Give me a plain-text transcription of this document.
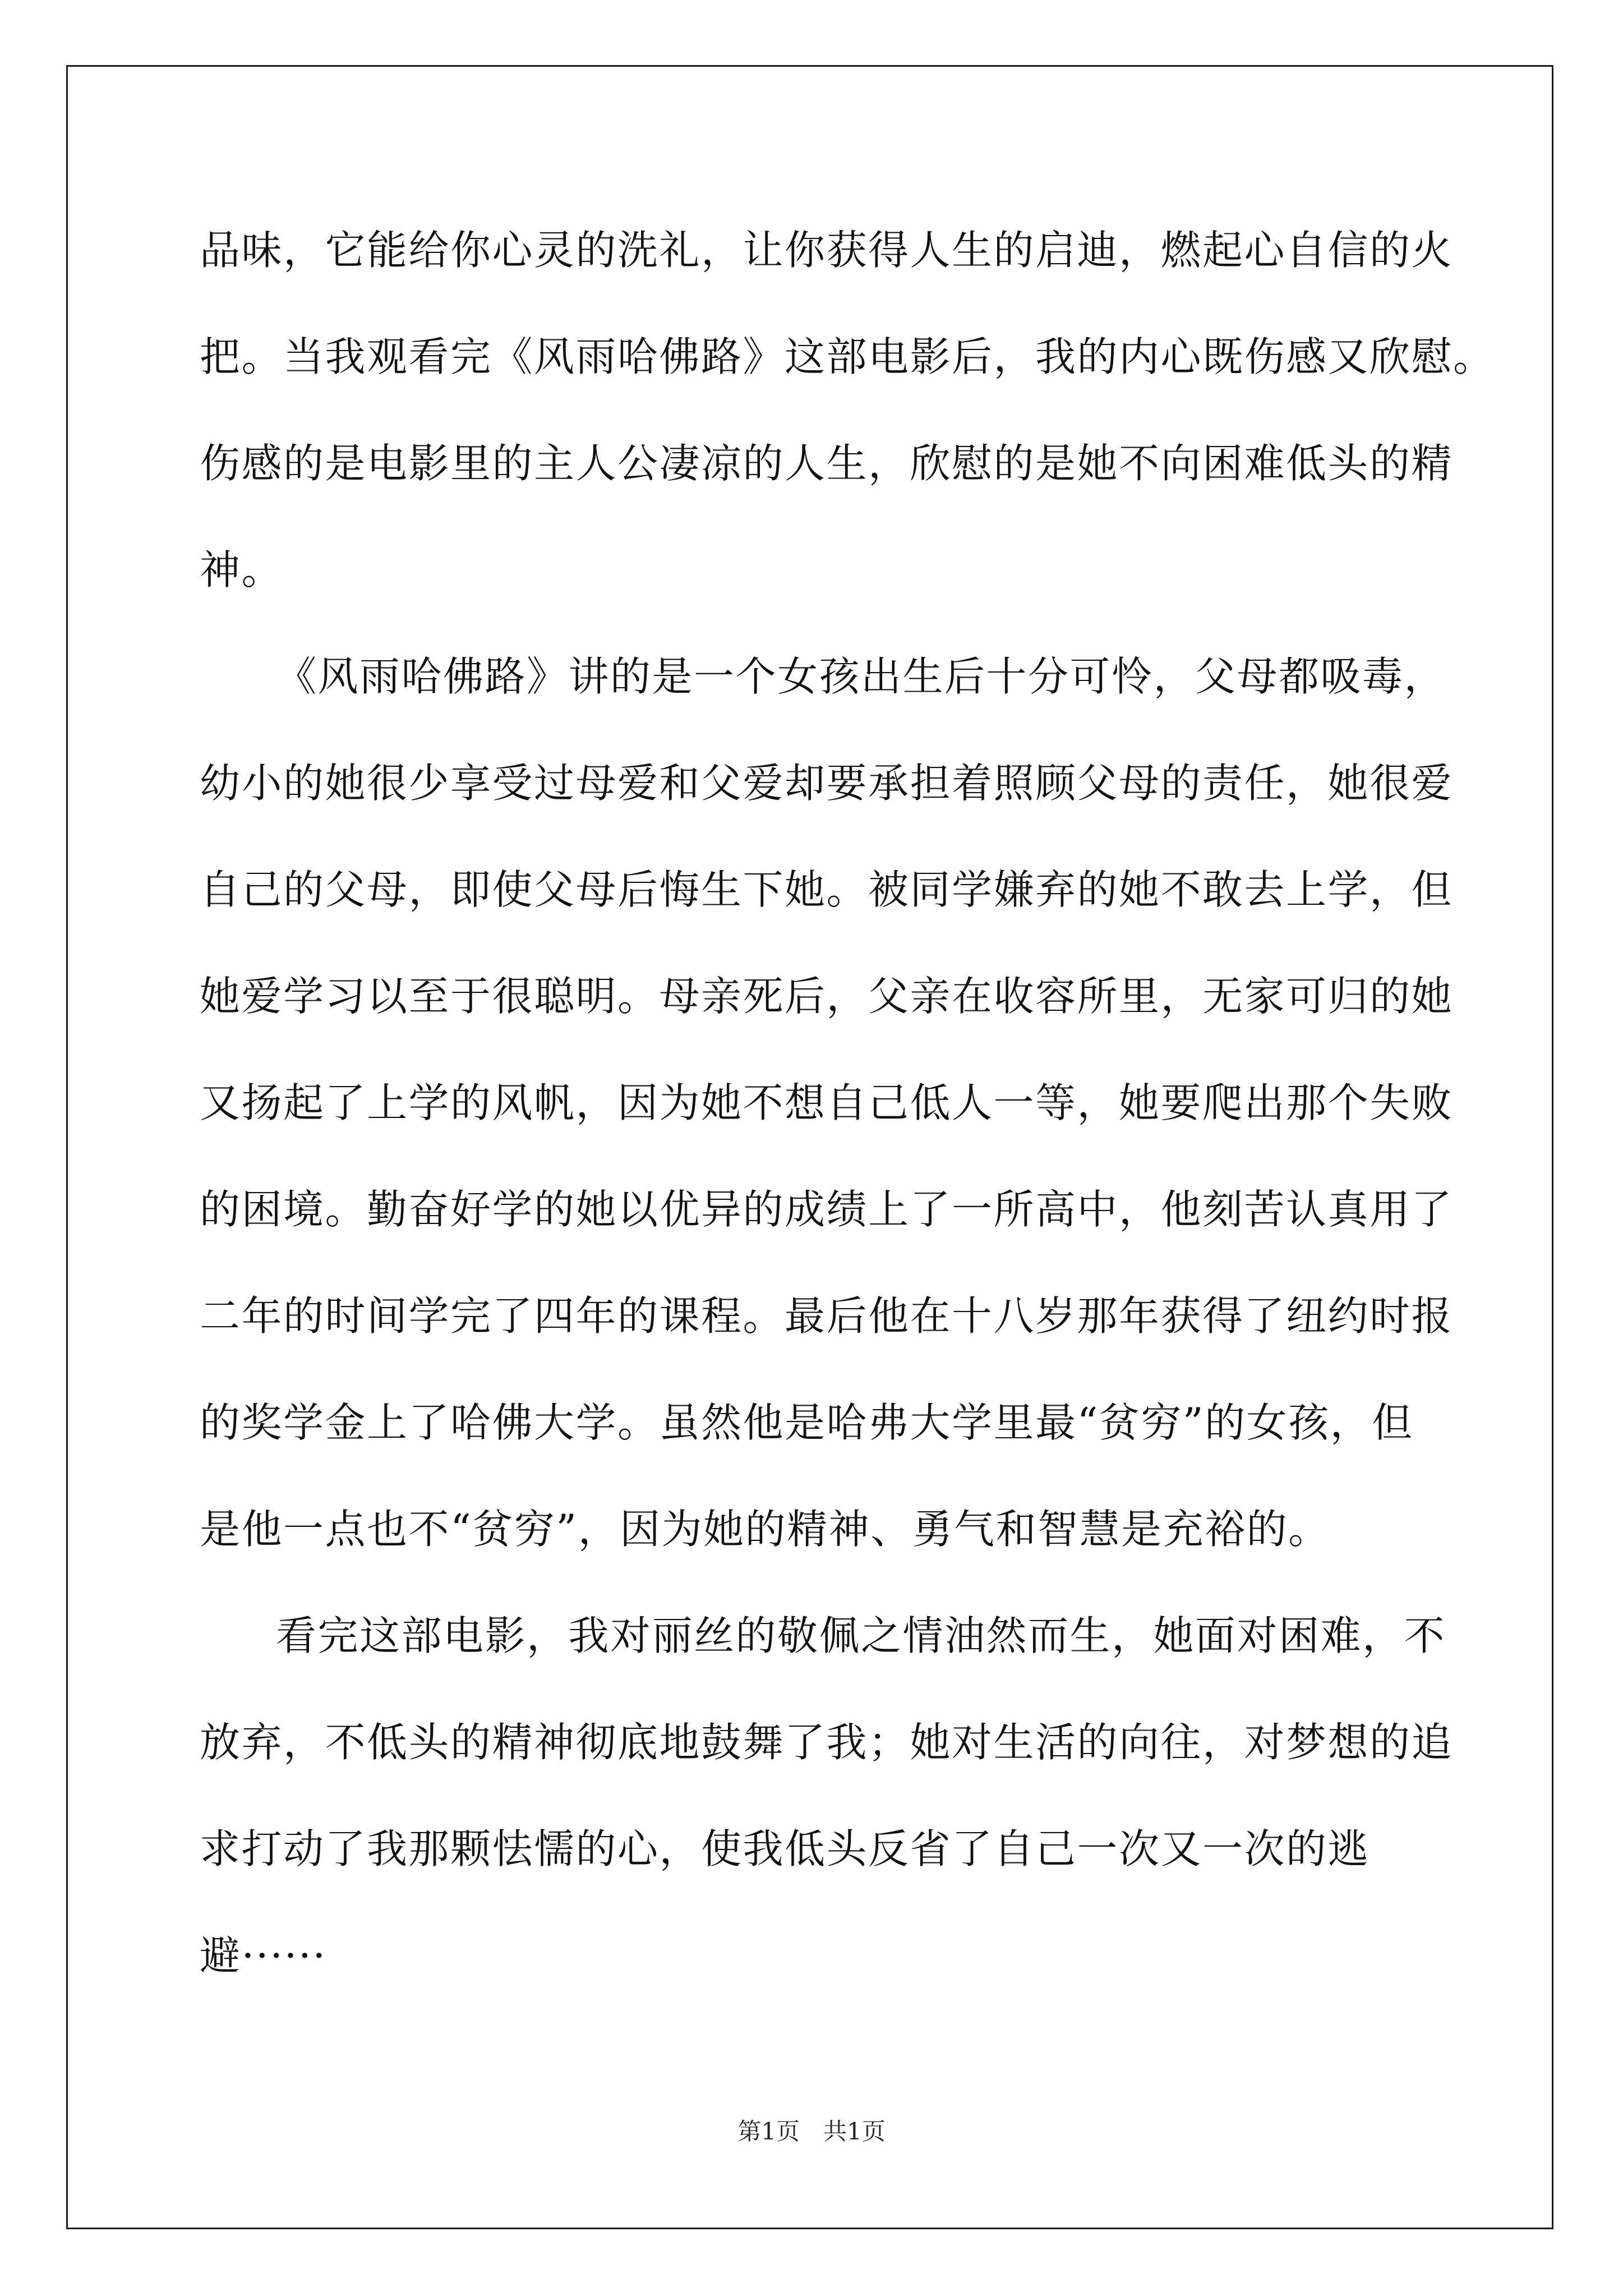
品味，它能给你心灵的洗礼，让你获得人生的启迪，燃起心自信的火
把。当我观看完《风雨哈佛路》这部电影后，我的内心既伤感又欣慰。
伤感的是电影里的主人公凄凉的人生，欣慰的是她不向困难低头的精
神。
《风雨哈佛路》讲的是一个女孩出生后十分可怜，父母都吸毒，
幼小的她很少享受过母爱和父爱却要承担着照顾父母的责任，她很爱
自己的父母，即使父母后悔生下她。被同学嫌弃的她不敢去上学，但
她爱学习以至于很聪明。母亲死后，父亲在收容所里，无家可归的她
又扬起了上学的风帆，因为她不想自己低人一等，她要爬出那个失败
的困境。勤奋好学的她以优异的成绩上了一所高中，他刻苦认真用了
二年的时间学完了四年的课程。最后他在十八岁那年获得了纽约时报
的奖学金上了哈佛大学。虽然他是哈弗大学里最“贫穷”的女孩，但
是他一点也不“贫穷”，因为她的精神、勇气和智慧是充裕的。
看完这部电影，我对丽丝的敬佩之情油然而生，她面对困难，不
放弃，不低头的精神彻底地鼓舞了我；她对生活的向往，对梦想的追
求打动了我那颗怯懦的心，使我低头反省了自己一次又一次的逃
避······
第1页　共1页
